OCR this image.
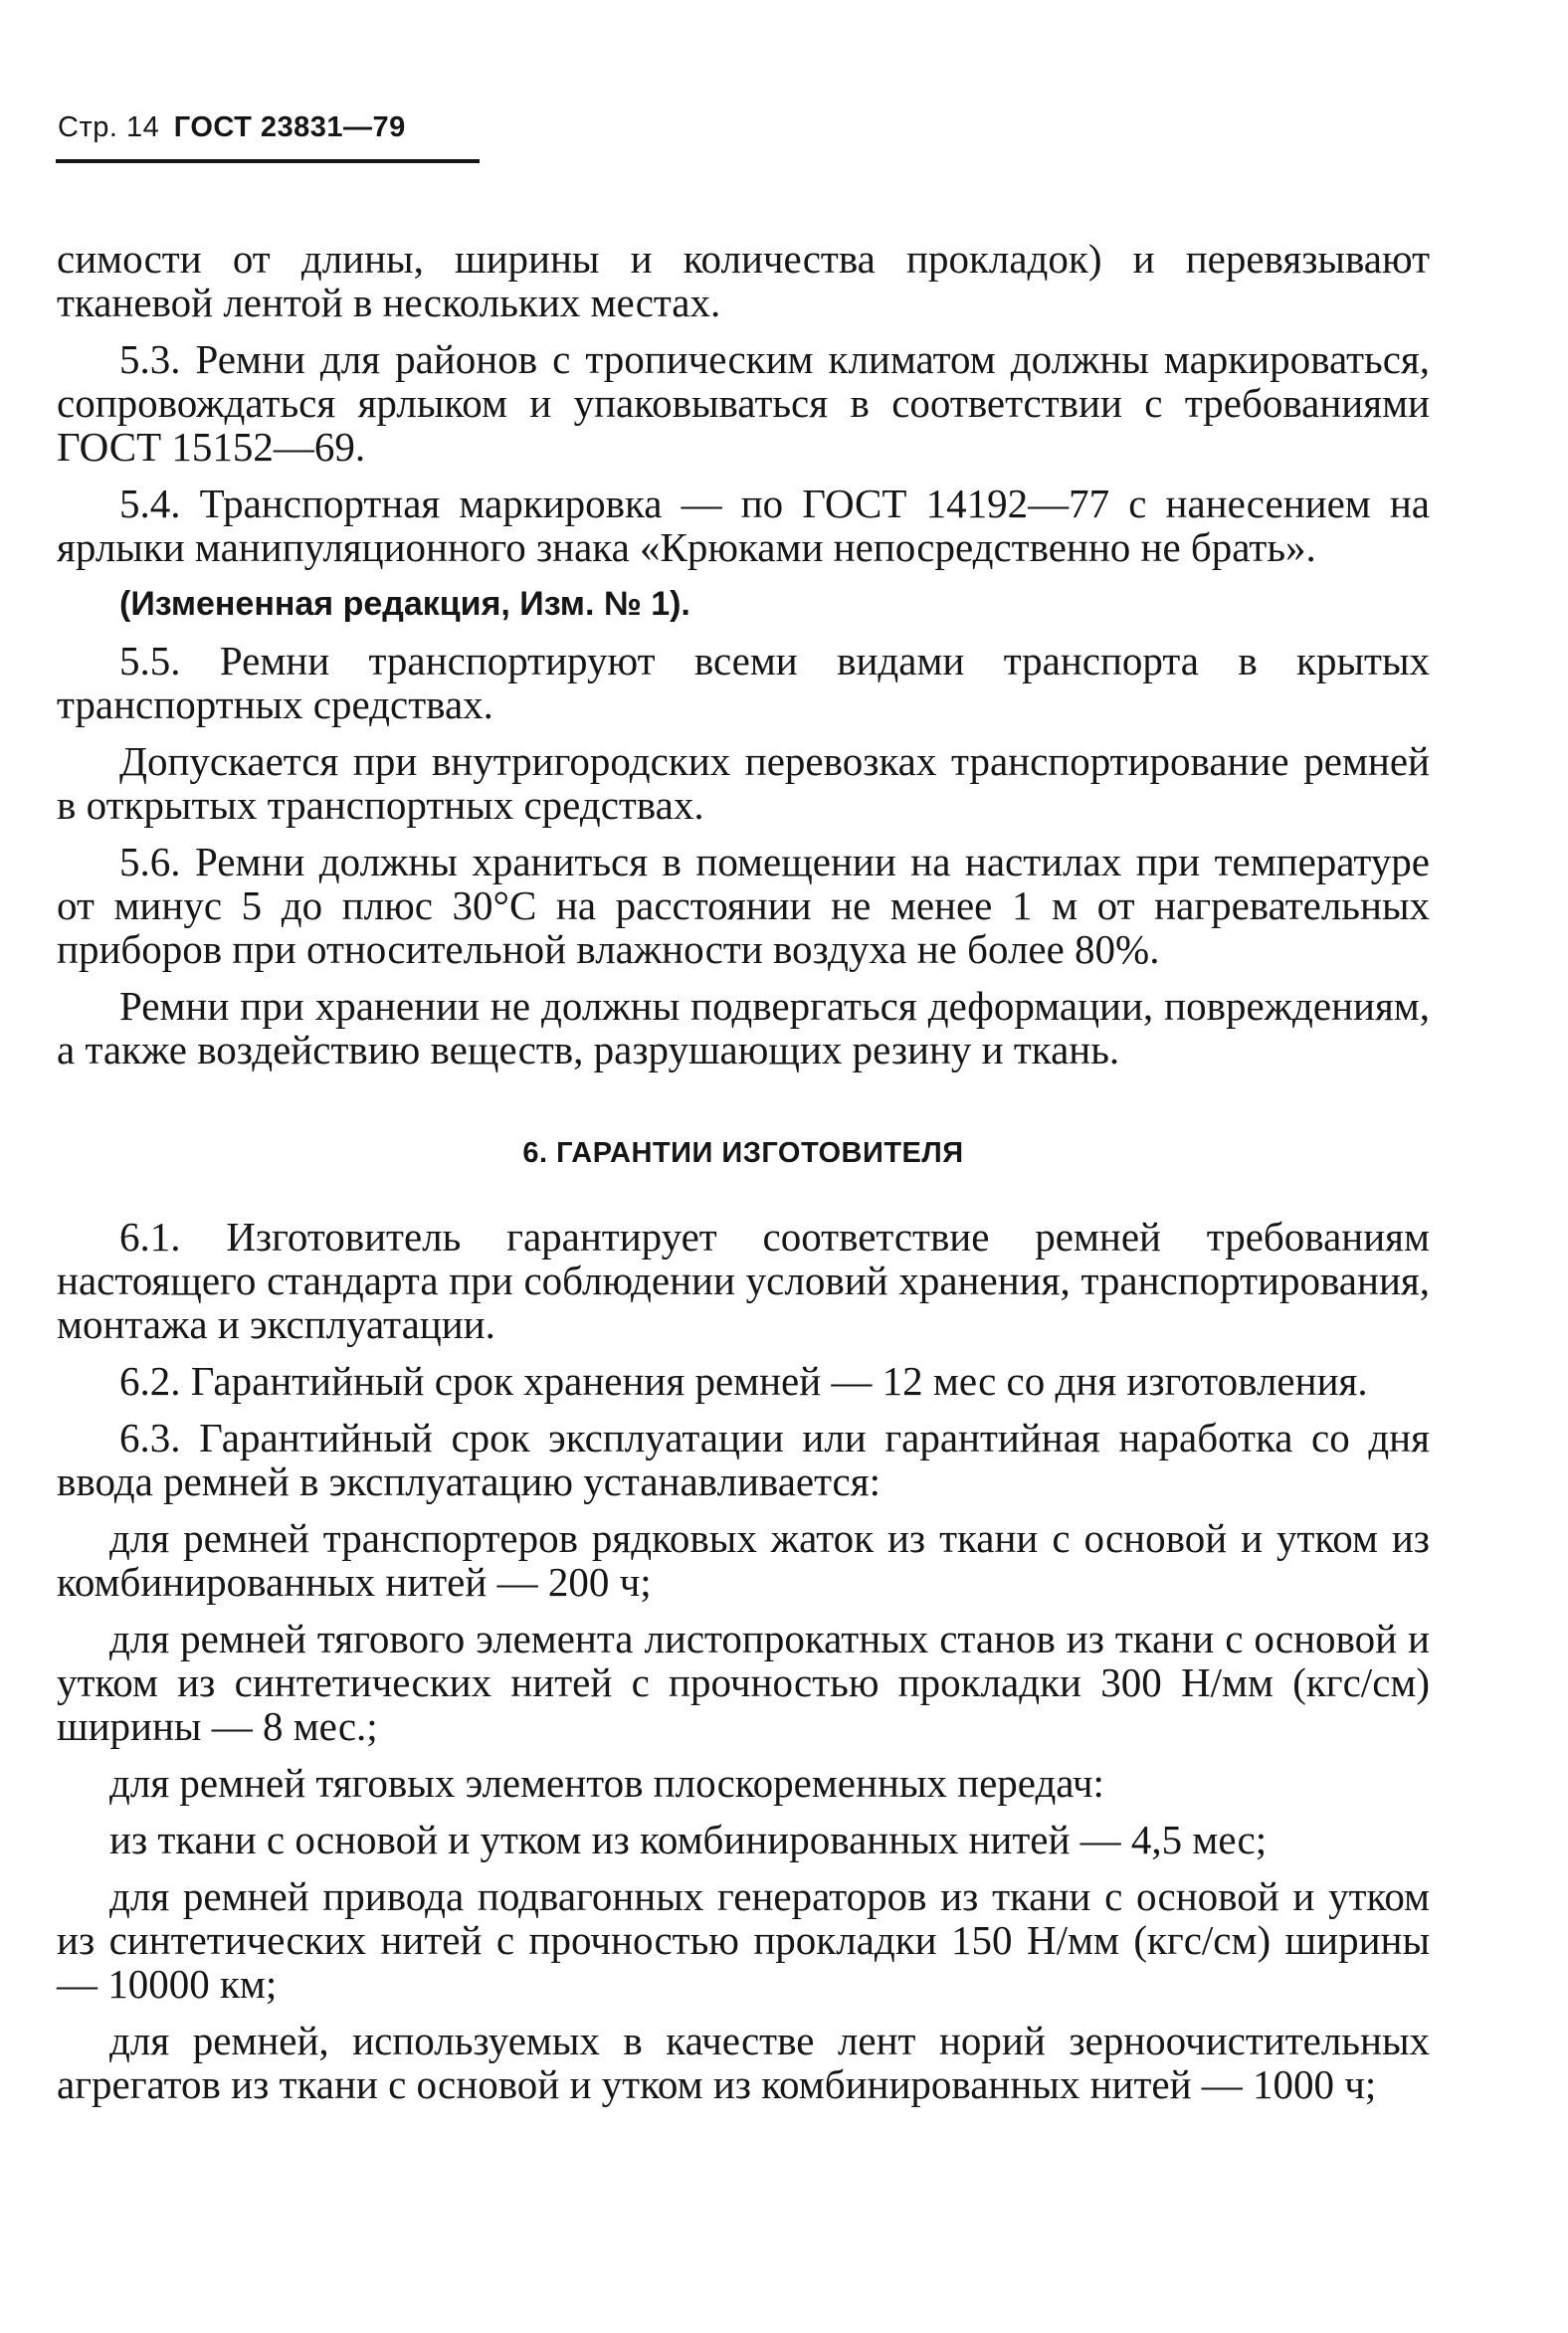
Стр. 14 ГОСТ 23831—79

симости от длины, ширины и количества прокладок) и перевязывают тканевой лентой в нескольких местах.

5.3. Ремни для районов с тропическим климатом должны маркироваться, сопровождаться ярлыком и упаковываться в соответствии с требованиями ГОСТ 15152—69.

5.4. Транспортная маркировка — по ГОСТ 14192—77 с нанесением на ярлыки манипуляционного знака «Крюками непосредственно не брать».

(Измененная редакция, Изм. № 1).

5.5. Ремни транспортируют всеми видами транспорта в крытых транспортных средствах.

Допускается при внутригородских перевозках транспортирование ремней в открытых транспортных средствах.

5.6. Ремни должны храниться в помещении на настилах при температуре от минус 5 до плюс 30°С на расстоянии не менее 1 м от нагревательных приборов при относительной влажности воздуха не более 80%.

Ремни при хранении не должны подвергаться деформации, повреждениям, а также воздействию веществ, разрушающих резину и ткань.

6. ГАРАНТИИ ИЗГОТОВИТЕЛЯ

6.1. Изготовитель гарантирует соответствие ремней требованиям настоящего стандарта при соблюдении условий хранения, транспортирования, монтажа и эксплуатации.

6.2. Гарантийный срок хранения ремней — 12 мес со дня изготовления.

6.3. Гарантийный срок эксплуатации или гарантийная наработка со дня ввода ремней в эксплуатацию устанавливается:

для ремней транспортеров рядковых жаток из ткани с основой и утком из комбинированных нитей — 200 ч;

для ремней тягового элемента листопрокатных станов из ткани с основой и утком из синтетических нитей с прочностью прокладки 300 Н/мм (кгс/см) ширины — 8 мес.;

для ремней тяговых элементов плоскоременных передач:

из ткани с основой и утком из комбинированных нитей — 4,5 мес;

для ремней привода подвагонных генераторов из ткани с основой и утком из синтетических нитей с прочностью прокладки 150 Н/мм (кгс/см) ширины — 10000 км;

для ремней, используемых в качестве лент норий зерноочистительных агрегатов из ткани с основой и утком из комбинированных нитей — 1000 ч;
